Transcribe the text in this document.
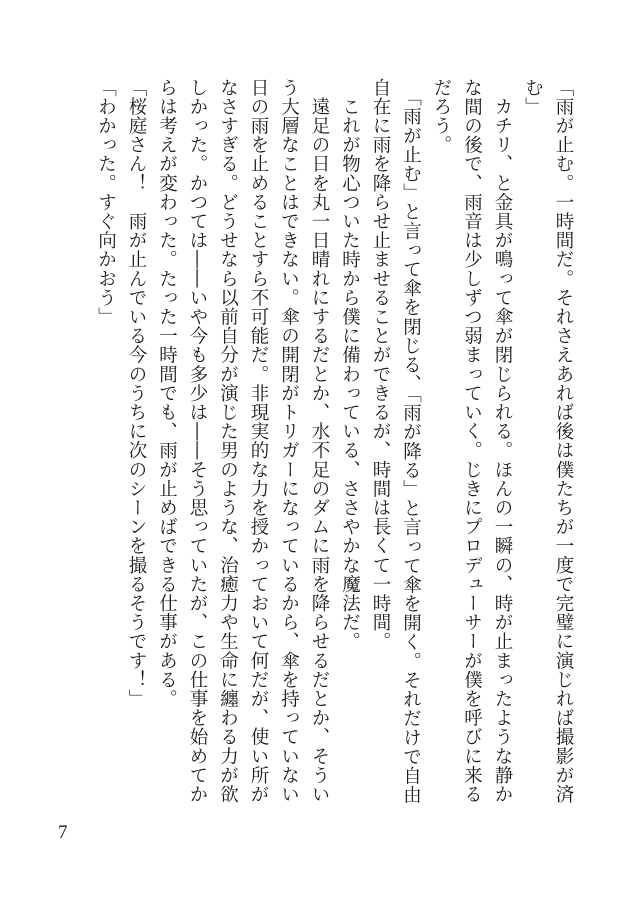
「雨が止む。一時間だ。それさえあれば後は僕たちが一度で完璧に演じれば撮影が済む」

　カチリ、と金具が鳴って傘が閉じられる。ほんの一瞬の、時が止まったような静かな間の後で、雨音は少しずつ弱まっていく。じきにプロデューサーが僕を呼びに来るだろう。

　「雨が止む」と言って傘を閉じる、「雨が降る」と言って傘を開く。それだけで自由自在に雨を降らせ止ませることができるが、時間は長くて一時間。

　これが物心ついた時から僕に備わっている、ささやかな魔法だ。

　遠足の日を丸一日晴れにするだとか、水不足のダムに雨を降らせるだとか、そういう大層なことはできない。傘の開閉がトリガーになっているから、傘を持っていない日の雨を止めることすら不可能だ。非現実的な力を授かっておいて何だが、使い所がなさすぎる。どうせなら以前自分が演じた男のような、治癒力や生命に纏わる力が欲しかった。かつては――いや今も多少は――そう思っていたが、この仕事を始めてからは考えが変わった。たった一時間でも、雨が止めばできる仕事がある。

「桜庭さん！　雨が止んでいる今のうちに次のシーンを撮るそうです！」

「わかった。すぐ向かおう」

7
